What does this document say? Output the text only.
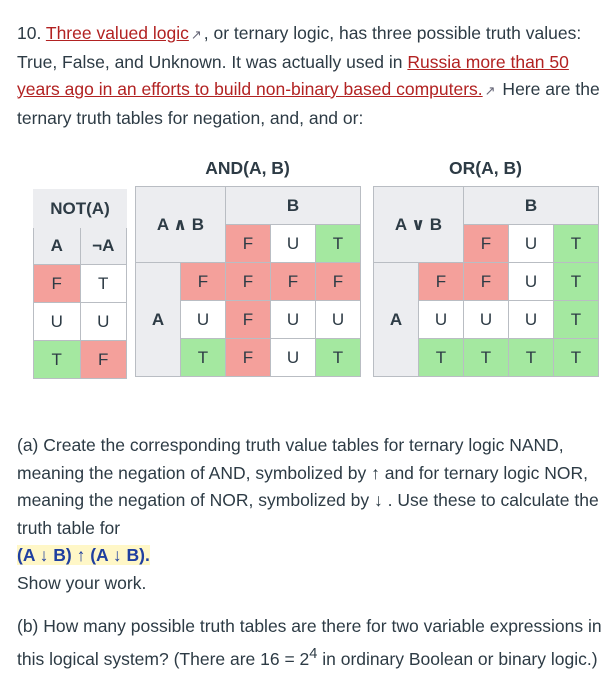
10. Three valued logic ↗ , or ternary logic, has three possible truth values: True, False, and Unknown. It was actually used in Russia more than 50 years ago in an efforts to build non-binary based computers. ↗ Here are the ternary truth tables for negation, and, and or:
NOT(A)	
A	¬A
F	T
U	U
T	F
AND(A, B)
A ∧ B		B		
		F	U	T
A	F	F	F	F
	U	F	U	U
	T	F	U	T
OR(A, B)
A ∨ B		B		
		F	U	T
A	F	F	U	T
	U	U	U	T
	T	T	T	T
(a) Create the corresponding truth value tables for ternary logic NAND, meaning the negation of AND, symbolized by ↑ and for ternary logic NOR, meaning the negation of NOR, symbolized by ↓ . Use these to calculate the truth table for
(A ↓ B) ↑ (A ↓ B).
Show your work.
(b) How many possible truth tables are there for two variable expressions in this logical system? (There are $16 = 2^4$ in ordinary Boolean or binary logic.)
